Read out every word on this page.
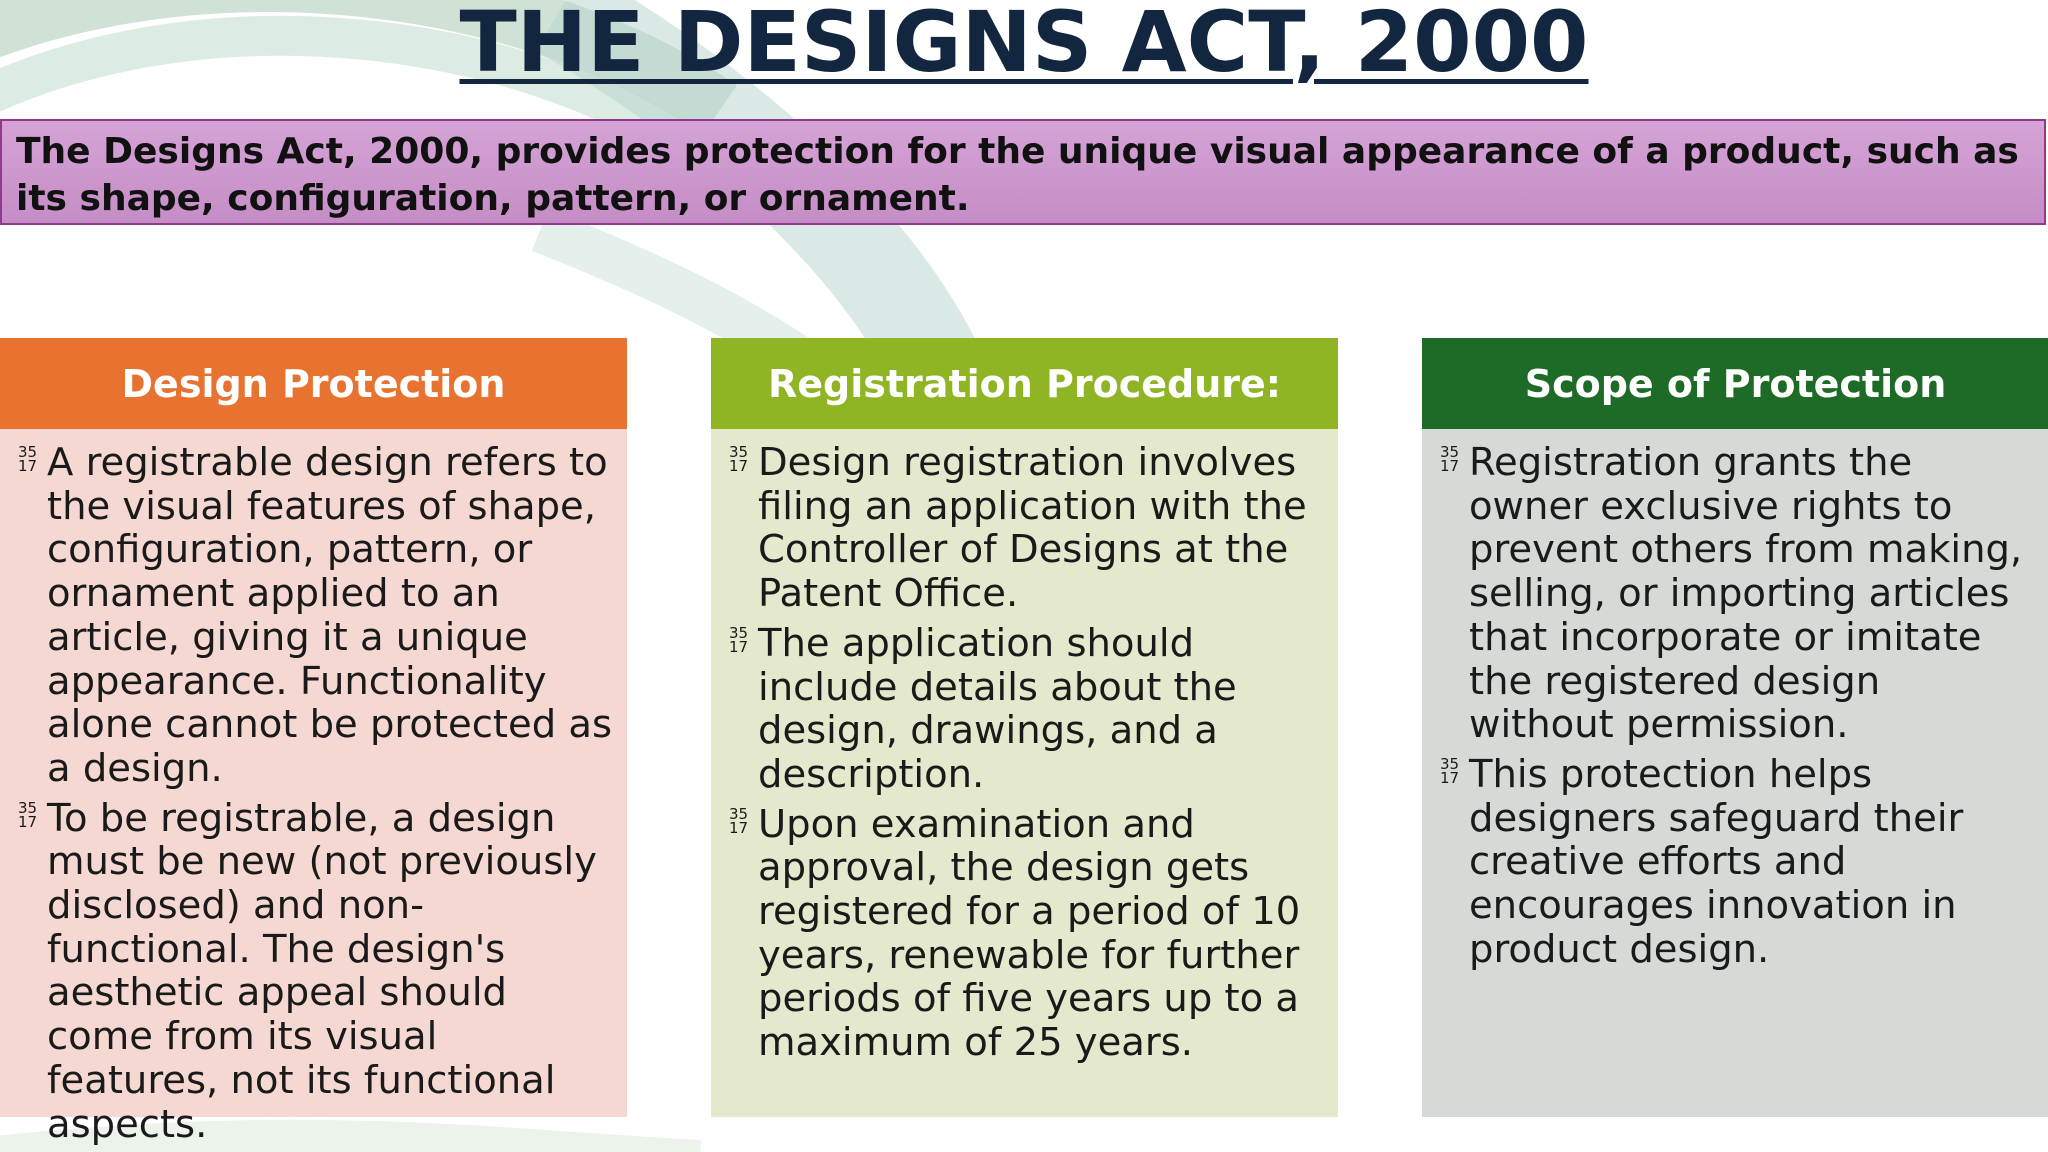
THE DESIGNS ACT, 2000
The Designs Act, 2000, provides protection for the unique visual appearance of a product, such as its shape, configuration, pattern, or ornament.
Design Protection
35
17 A registrable design refers to the visual features of shape, configuration, pattern, or ornament applied to an article, giving it a unique appearance. Functionality alone cannot be protected as a design.
35
17 To be registrable, a design must be new (not previously disclosed) and non-functional. The design's aesthetic appeal should come from its visual features, not its functional aspects.
Registration Procedure:
35
17 Design registration involves filing an application with the Controller of Designs at the Patent Office.
35
17 The application should include details about the design, drawings, and a description.
35
17 Upon examination and approval, the design gets registered for a period of 10 years, renewable for further periods of five years up to a maximum of 25 years.
Scope of Protection
35
17 Registration grants the owner exclusive rights to prevent others from making, selling, or importing articles that incorporate or imitate the registered design without permission.
35
17 This protection helps designers safeguard their creative efforts and encourages innovation in product design.
